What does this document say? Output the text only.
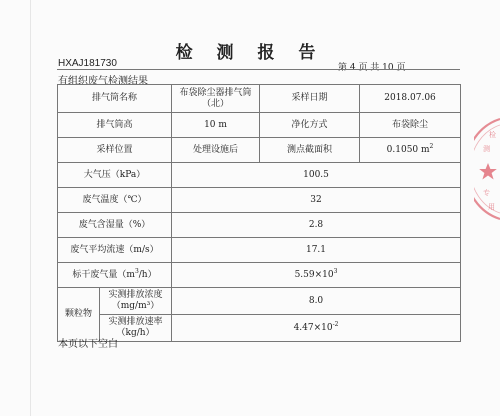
检 测 报 告
HXAJ181730	第 4 页 共 10 页
有组织废气检测结果
排气筒名称		布袋除尘器排气筒（北）	采样日期	2018.07.06
排气筒高		10 m	净化方式	布袋除尘
采样位置		处理设施后	测点截面积	0.1050 $m^2$
大气压（kPa）		100.5		
废气温度（℃）		32		
废气含湿量（%）		2.8		
废气平均流速（m/s）		17.1		
标干废气量$(m^3/h)$		$5.59\times 10^3$
颗粒物	实测排放浓度（mg/m³）	8.0		
	实测排放速率（kg/h）	$4.47\times 10^{-2}$
本页以下空白
检
测
专
用
